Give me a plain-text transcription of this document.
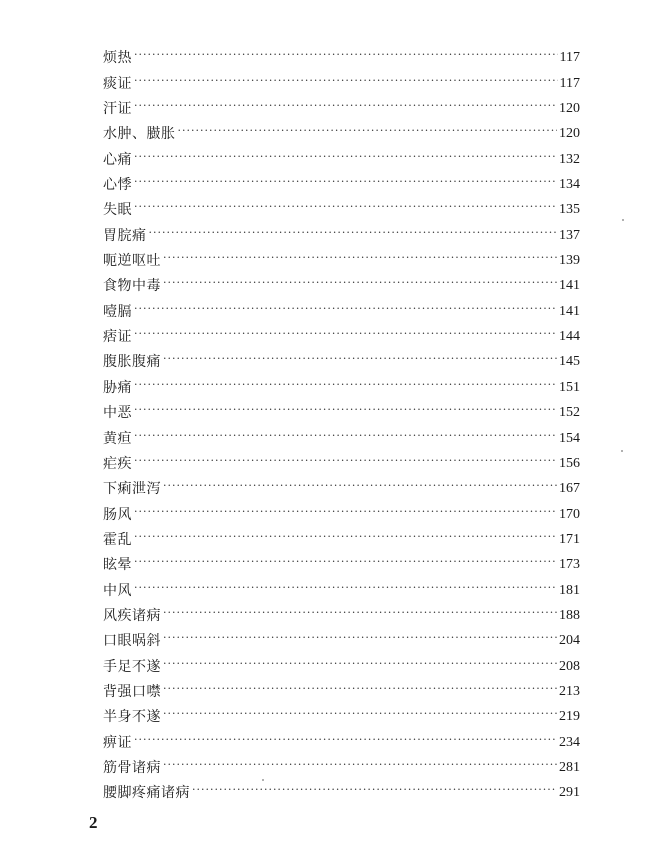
烦热 ·····	117
痰证 ·····	117
汗证 ·····	120
水肿、臌胀 ·····	120
心痛 ·····	132
心悸 ·····	134
失眠 ·····	135
胃脘痛 ·····	137
呃逆呕吐 ·····	139
食物中毒 ·····	141
噎膈 ·····	141
痞证 ·····	144
腹胀腹痛 ·····	145
胁痛 ·····	151
中恶 ·····	152
黄疸 ·····	154
疟疾 ·····	156
下痢泄泻 ·····	167
肠风 ·····	170
霍乱 ·····	171
眩晕 ·····	173
中风 ·····	181
风疾诸病 ·····	188
口眼㖞斜 ·····	204
手足不遂 ·····	208
背强口噤 ·····	213
半身不遂 ·····	219
痹证 ·····	234
筋骨诸病 ·····	281
腰脚疼痛诸病 ·····	291
2
